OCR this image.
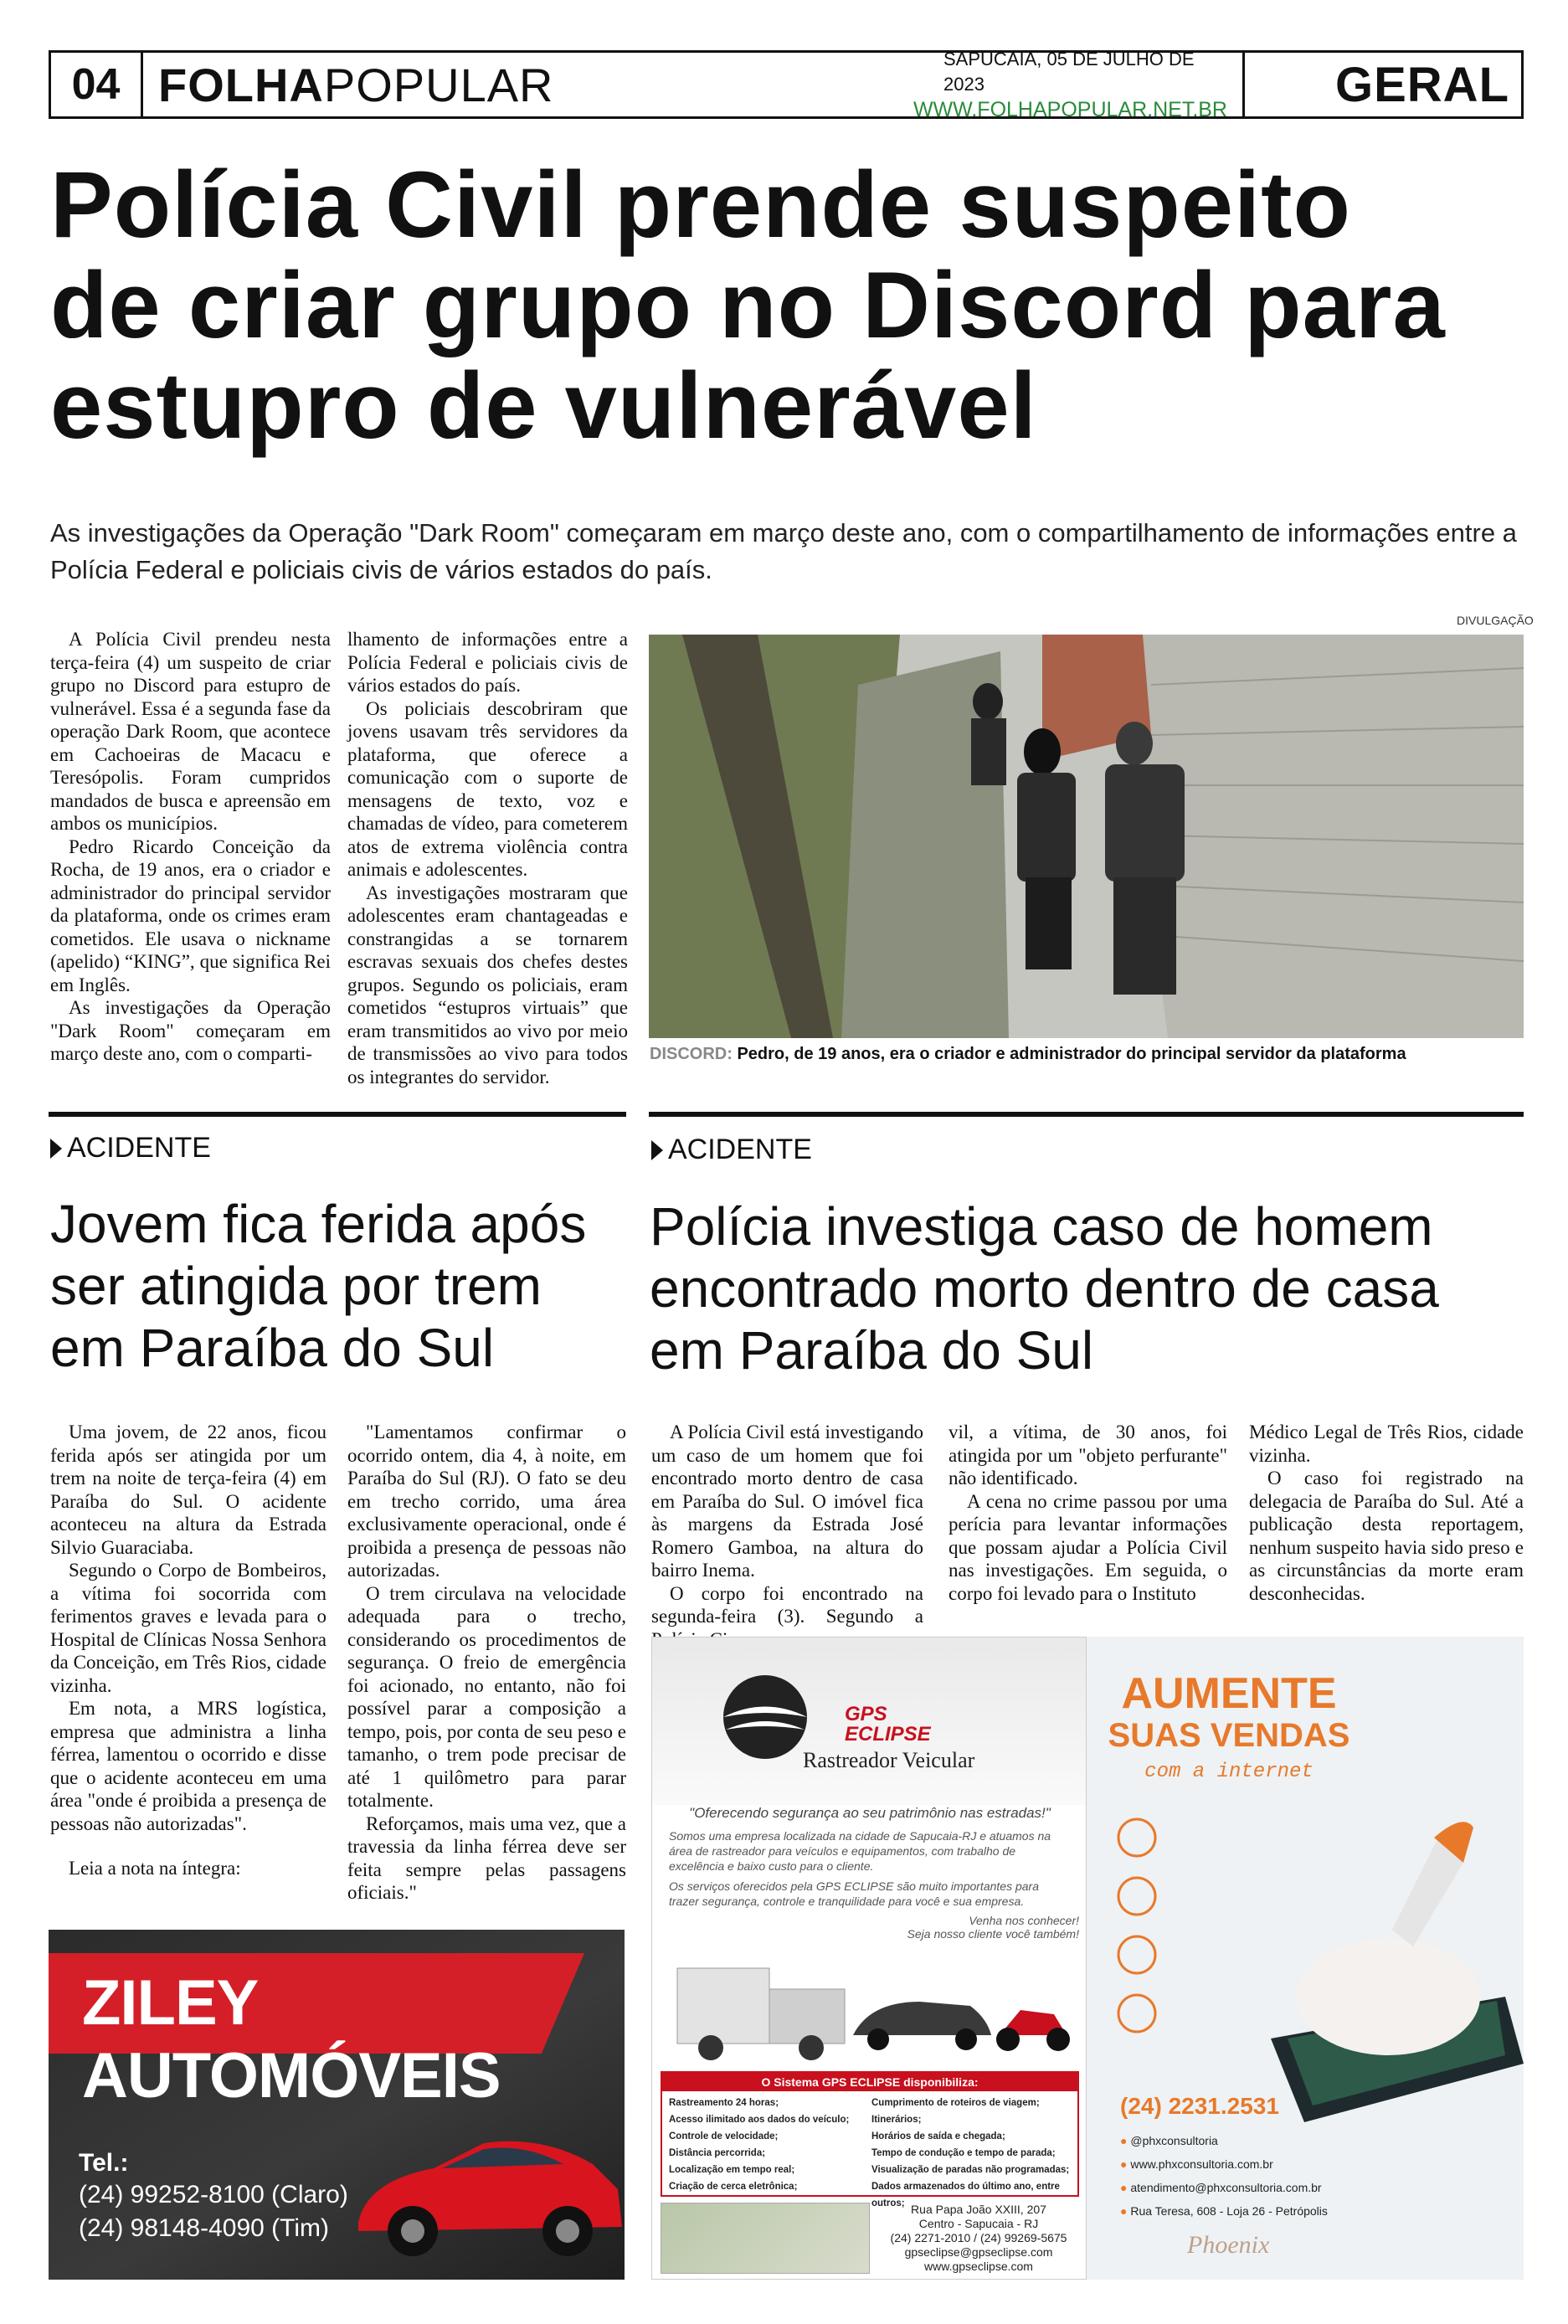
04 FOLHA POPULAR	SAPUCAIA, 05 DE JULHO DE 2023
WWW.FOLHAPOPULAR.NET.BR	GERAL
Polícia Civil prende suspeito de criar grupo no Discord para estupro de vulnerável

As investigações da Operação "Dark Room" começaram em março deste ano, com o compartilhamento de informações entre a Polícia Federal e policiais civis de vários estados do país.

A Polícia Civil prendeu nesta terça-feira (4) um suspeito de criar grupo no Discord para estupro de vulnerável. Essa é a segunda fase da operação Dark Room, que acontece em Cachoeiras de Macacu e Teresópolis. Foram cumpridos mandados de busca e apreensão em ambos os municípios.

Pedro Ricardo Conceição da Rocha, de 19 anos, era o criador e administrador do principal servidor da plataforma, onde os crimes eram cometidos. Ele usava o nickname (apelido) “KING”, que significa Rei em Inglês.

As investigações da Operação "Dark Room" começaram em março deste ano, com o comparti-

lhamento de informações entre a Polícia Federal e policiais civis de vários estados do país.

Os policiais descobriram que jovens usavam três servidores da plataforma, que oferece a comunicação com o suporte de mensagens de texto, voz e chamadas de vídeo, para cometerem atos de extrema violência contra animais e adolescentes.

As investigações mostraram que adolescentes eram chantageadas e constrangidas a se tornarem escravas sexuais dos chefes destes grupos. Segundo os policiais, eram cometidos “estupros virtuais” que eram transmitidos ao vivo por meio de transmissões ao vivo para todos os integrantes do servidor.

DIVULGAÇÃO
DISCORD: Pedro, de 19 anos, era o criador e administrador do principal servidor da plataforma
ACIDENTE
Jovem fica ferida após ser atingida por trem em Paraíba do Sul

Uma jovem, de 22 anos, ficou ferida após ser atingida por um trem na noite de terça-feira (4) em Paraíba do Sul. O acidente aconteceu na altura da Estrada Silvio Guaraciaba.

Segundo o Corpo de Bombeiros, a vítima foi socorrida com ferimentos graves e levada para o Hospital de Clínicas Nossa Senhora da Conceição, em Três Rios, cidade vizinha.

Em nota, a MRS logística, empresa que administra a linha férrea, lamentou o ocorrido e disse que o acidente aconteceu em uma área "onde é proibida a presença de pessoas não autorizadas".

Leia a nota na íntegra:

"Lamentamos confirmar o ocorrido ontem, dia 4, à noite, em Paraíba do Sul (RJ). O fato se deu em trecho corrido, uma área exclusivamente operacional, onde é proibida a presença de pessoas não autorizadas.

O trem circulava na velocidade adequada para o trecho, considerando os procedimentos de segurança. O freio de emergência foi acionado, no entanto, não foi possível parar a composição a tempo, pois, por conta de seu peso e tamanho, o trem pode precisar de até 1 quilômetro para parar totalmente.

Reforçamos, mais uma vez, que a travessia da linha férrea deve ser feita sempre pelas passagens oficiais."

ACIDENTE
Polícia investiga caso de homem encontrado morto dentro de casa em Paraíba do Sul

A Polícia Civil está investigando um caso de um homem que foi encontrado morto dentro de casa em Paraíba do Sul. O imóvel fica às margens da Estrada José Romero Gamboa, na altura do bairro Inema.

O corpo foi encontrado na segunda-feira (3). Segundo a

vil, a vítima, de 30 anos, foi atingida por um "objeto perfurante" não identificado.

A cena no crime passou por uma perícia para levantar informações que possam ajudar a Polícia Civil nas investigações. Em seguida, o corpo foi levado para o Instituto

Médico Legal de Três Rios, cidade vizinha.

O caso foi registrado na delegacia de Paraíba do Sul. Até a publicação desta reportagem, nenhum suspeito havia sido preso e as circunstâncias da morte eram desconhecidas.

ZILEY AUTOMÓVEIS
Tel.:
(24) 99252-8100 (Claro)
(24) 98148-4090 (Tim)
GPS
ECLIPSE
Rastreador Veicular
"Oferecendo segurança ao seu patrimônio nas estradas!"
Somos uma empresa localizada na cidade de Sapucaia-RJ e atuamos na área de rastreador para veículos e equipamentos, com trabalho de excelência e baixo custo para o cliente.
Os serviços oferecidos pela GPS ECLIPSE são muito importantes para trazer segurança, controle e tranquilidade para você e sua empresa.
Venha nos conhecer!
Seja nosso cliente você também!
O Sistema GPS ECLIPSE disponibiliza:
Rastreamento 24 horas;
Acesso ilimitado aos dados do veículo;
Controle de velocidade;
Distância percorrida;
Localização em tempo real;
Criação de cerca eletrônica;
Cumprimento de roteiros de viagem;
Itinerários;
Horários de saída e chegada;
Tempo de condução e tempo de parada;
Visualização de paradas não programadas;
Dados armazenados do último ano, entre outros; Rua Papa João XXIII, 207
Centro - Sapucaia - RJ
(24) 2271-2010 / (24) 99269-5675
gpseclipse@gpseclipse.com
www.gpseclipse.com
AUMENTE
SUAS VENDAS
com a internet
(24) 2231.2531
● @phxconsultoria
● www.phxconsultoria.com.br
● atendimento@phxconsultoria.com.br
● Rua Teresa, 608 - Loja 26 - Petrópolis
Phoenix
